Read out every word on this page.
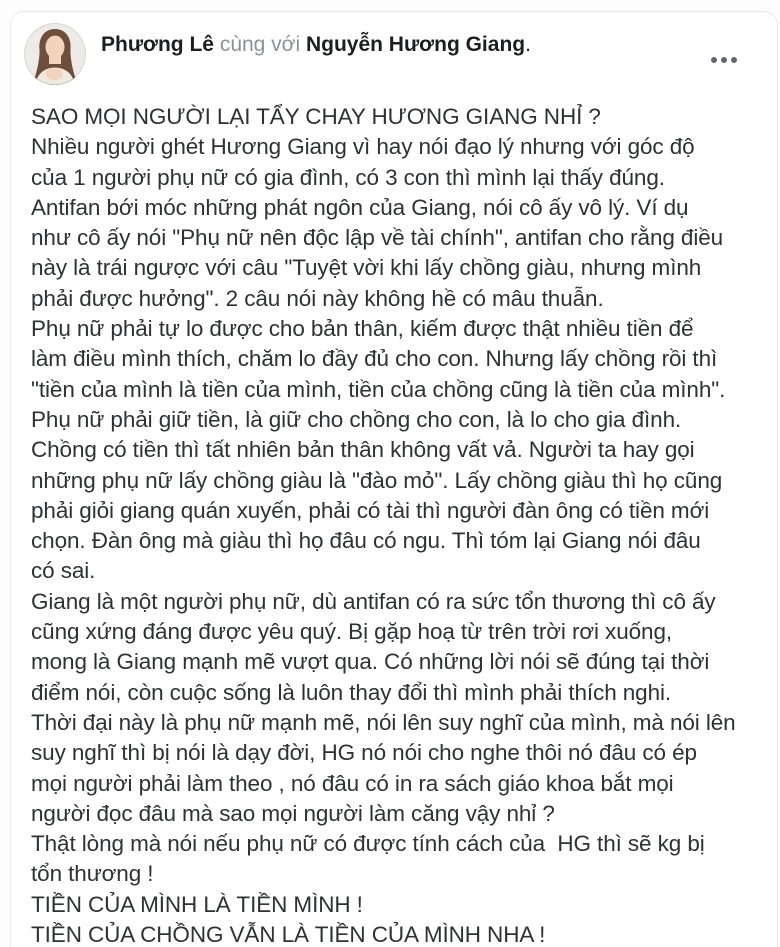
Phương Lê cùng với Nguyễn Hương Giang.
SAO MỌI NGƯỜI LẠI TẨY CHAY HƯƠNG GIANG NHỈ ?
Nhiều người ghét Hương Giang vì hay nói đạo lý nhưng với góc độ
của 1 người phụ nữ có gia đình, có 3 con thì mình lại thấy đúng.
Antifan bới móc những phát ngôn của Giang, nói cô ấy vô lý. Ví dụ
như cô ấy nói "Phụ nữ nên độc lập về tài chính", antifan cho rằng điều
này là trái ngược với câu "Tuyệt vời khi lấy chồng giàu, nhưng mình
phải được hưởng". 2 câu nói này không hề có mâu thuẫn.
Phụ nữ phải tự lo được cho bản thân, kiếm được thật nhiều tiền để
làm điều mình thích, chăm lo đầy đủ cho con. Nhưng lấy chồng rồi thì
"tiền của mình là tiền của mình, tiền của chồng cũng là tiền của mình".
Phụ nữ phải giữ tiền, là giữ cho chồng cho con, là lo cho gia đình.
Chồng có tiền thì tất nhiên bản thân không vất vả. Người ta hay gọi
những phụ nữ lấy chồng giàu là "đào mỏ". Lấy chồng giàu thì họ cũng
phải giỏi giang quán xuyến, phải có tài thì người đàn ông có tiền mới
chọn. Đàn ông mà giàu thì họ đâu có ngu. Thì tóm lại Giang nói đâu
có sai.
Giang là một người phụ nữ, dù antifan có ra sức tổn thương thì cô ấy
cũng xứng đáng được yêu quý. Bị gặp hoạ từ trên trời rơi xuống,
mong là Giang mạnh mẽ vượt qua. Có những lời nói sẽ đúng tại thời
điểm nói, còn cuộc sống là luôn thay đổi thì mình phải thích nghi.
Thời đại này là phụ nữ mạnh mẽ, nói lên suy nghĩ của mình, mà nói lên
suy nghĩ thì bị nói là dạy đời, HG nó nói cho nghe thôi nó đâu có ép
mọi người phải làm theo , nó đâu có in ra sách giáo khoa bắt mọi
người đọc đâu mà sao mọi người làm căng vậy nhỉ ?
Thật lòng mà nói nếu phụ nữ có được tính cách của  HG thì sẽ kg bị
tổn thương !
TIỀN CỦA MÌNH LÀ TIỀN MÌNH !
TIỀN CỦA CHỒNG VẪN LÀ TIỀN CỦA MÌNH NHA !
